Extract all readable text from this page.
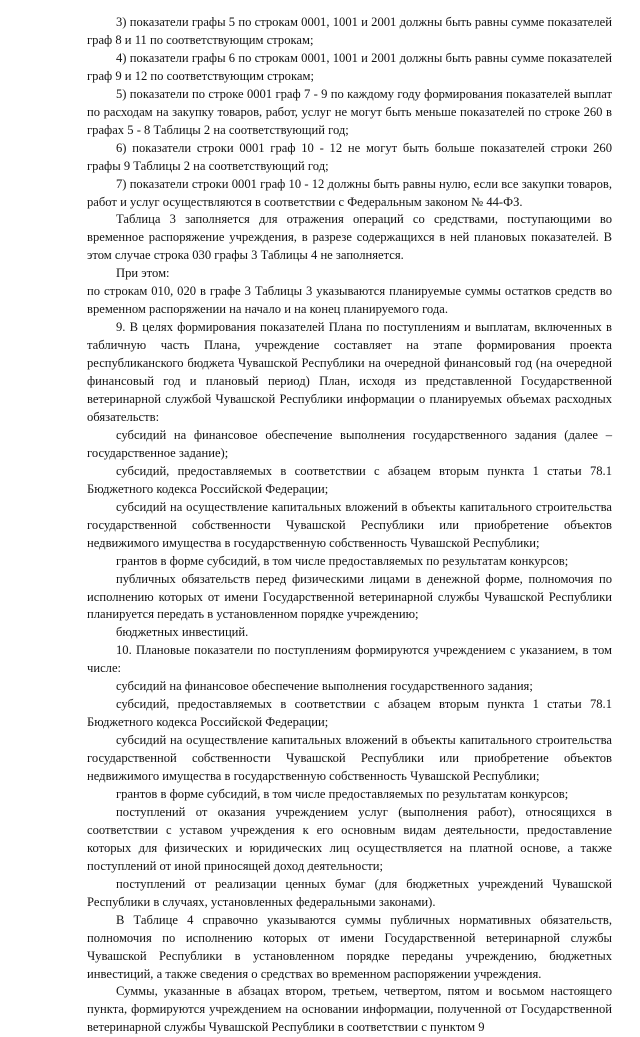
3) показатели графы 5 по строкам 0001, 1001 и 2001 должны быть равны сумме показателей граф 8 и 11 по соответствующим строкам;

4) показатели графы 6 по строкам 0001, 1001 и 2001 должны быть равны сумме показателей граф 9 и 12 по соответствующим строкам;

5) показатели по строке 0001 граф 7 - 9 по каждому году формирования показателей выплат по расходам на закупку товаров, работ, услуг не могут быть меньше показателей по строке 260 в графах 5 - 8 Таблицы 2 на соответствующий год;

6) показатели строки 0001 граф 10 - 12 не могут быть больше показателей строки 260 графы 9 Таблицы 2 на соответствующий год;

7) показатели строки 0001 граф 10 - 12 должны быть равны нулю, если все закупки товаров, работ и услуг осуществляются в соответствии с Федеральным законом № 44-ФЗ.

Таблица 3 заполняется для отражения операций со средствами, поступающими во временное распоряжение учреждения, в разрезе содержащихся в ней плановых показателей. В этом случае строка 030 графы 3 Таблицы 4 не заполняется.

При этом:

по строкам 010, 020 в графе 3 Таблицы 3 указываются планируемые суммы остатков средств во временном распоряжении на начало и на конец планируемого года.

9. В целях формирования показателей Плана по поступлениям и выплатам, включенных в табличную часть Плана, учреждение составляет на этапе формирования проекта республиканского бюджета Чувашской Республики на очередной финансовый год (на очередной финансовый год и плановый период) План, исходя из представленной Государственной ветеринарной службой Чувашской Республики информации о планируемых объемах расходных обязательств:

субсидий на финансовое обеспечение выполнения государственного задания (далее – государственное задание);

субсидий, предоставляемых в соответствии с абзацем вторым пункта 1 статьи 78.1 Бюджетного кодекса Российской Федерации;

субсидий на осуществление капитальных вложений в объекты капитального строительства государственной собственности Чувашской Республики или приобретение объектов недвижимого имущества в государственную собственность Чувашской Республики;

грантов в форме субсидий, в том числе предоставляемых по результатам конкурсов;

публичных обязательств перед физическими лицами в денежной форме, полномочия по исполнению которых от имени Государственной ветеринарной службы Чувашской Республики планируется передать в установленном порядке учреждению;

бюджетных инвестиций.

10. Плановые показатели по поступлениям формируются учреждением с указанием, в том числе:

субсидий на финансовое обеспечение выполнения государственного задания;

субсидий, предоставляемых в соответствии с абзацем вторым пункта 1 статьи 78.1 Бюджетного кодекса Российской Федерации;

субсидий на осуществление капитальных вложений в объекты капитального строительства государственной собственности Чувашской Республики или приобретение объектов недвижимого имущества в государственную собственность Чувашской Республики;

грантов в форме субсидий, в том числе предоставляемых по результатам конкурсов;

поступлений от оказания учреждением услуг (выполнения работ), относящихся в соответствии с уставом учреждения к его основным видам деятельности, предоставление которых для физических и юридических лиц осуществляется на платной основе, а также поступлений от иной приносящей доход деятельности;

поступлений от реализации ценных бумаг (для бюджетных учреждений Чувашской Республики в случаях, установленных федеральными законами).

В Таблице 4 справочно указываются суммы публичных нормативных обязательств, полномочия по исполнению которых от имени Государственной ветеринарной службы Чувашской Республики в установленном порядке переданы учреждению, бюджетных инвестиций, а также сведения о средствах во временном распоряжении учреждения.

Суммы, указанные в абзацах втором, третьем, четвертом, пятом и восьмом настоящего пункта, формируются учреждением на основании информации, полученной от Государственной ветеринарной службы Чувашской Республики в соответствии с пунктом 9
